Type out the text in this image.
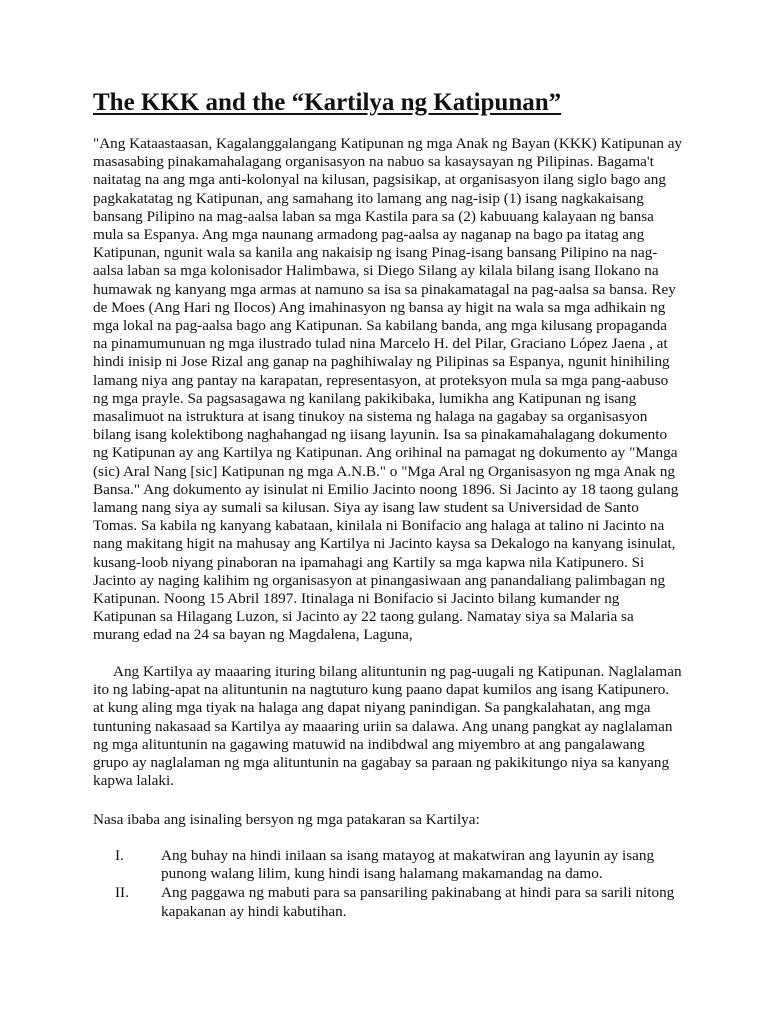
The KKK and the “Kartilya ng Katipunan”

"Ang Kataastaasan, Kagalanggalangang Katipunan ng mga Anak ng Bayan (KKK) Katipunan ay masasabing pinakamahalagang organisasyon na nabuo sa kasaysayan ng Pilipinas. Bagama't naitatag na ang mga anti-kolonyal na kilusan, pagsisikap, at organisasyon ilang siglo bago ang pagkakatatag ng Katipunan, ang samahang ito lamang ang nag-isip (1) isang nagkakaisang bansang Pilipino na mag-aalsa laban sa mga Kastila para sa (2) kabuuang kalayaan ng bansa mula sa Espanya. Ang mga naunang armadong pag-aalsa ay naganap na bago pa itatag ang Katipunan, ngunit wala sa kanila ang nakaisip ng isang Pinag-isang bansang Pilipino na nag-aalsa laban sa mga kolonisador Halimbawa, si Diego Silang ay kilala bilang isang Ilokano na humawak ng kanyang mga armas at namuno sa isa sa pinakamatagal na pag-aalsa sa bansa. Rey de Moes (Ang Hari ng Ilocos) Ang imahinasyon ng bansa ay higit na wala sa mga adhikain ng mga lokal na pag-aalsa bago ang Katipunan. Sa kabilang banda, ang mga kilusang propaganda na pinamumunuan ng mga ilustrado tulad nina Marcelo H. del Pilar, Graciano López Jaena , at hindi inisip ni Jose Rizal ang ganap na paghihiwalay ng Pilipinas sa Espanya, ngunit hinihiling lamang niya ang pantay na karapatan, representasyon, at proteksyon mula sa mga pang-aabuso ng mga prayle. Sa pagsasagawa ng kanilang pakikibaka, lumikha ang Katipunan ng isang masalimuot na istruktura at isang tinukoy na sistema ng halaga na gagabay sa organisasyon bilang isang kolektibong naghahangad ng iisang layunin. Isa sa pinakamahalagang dokumento ng Katipunan ay ang Kartilya ng Katipunan. Ang orihinal na pamagat ng dokumento ay "Manga (sic) Aral Nang [sic] Katipunan ng mga A.N.B." o "Mga Aral ng Organisasyon ng mga Anak ng Bansa." Ang dokumento ay isinulat ni Emilio Jacinto noong 1896. Si Jacinto ay 18 taong gulang lamang nang siya ay sumali sa kilusan. Siya ay isang law student sa Universidad de Santo Tomas. Sa kabila ng kanyang kabataan, kinilala ni Bonifacio ang halaga at talino ni Jacinto na nang makitang higit na mahusay ang Kartilya ni Jacinto kaysa sa Dekalogo na kanyang isinulat, kusang-loob niyang pinaboran na ipamahagi ang Kartily sa mga kapwa nila Katipunero. Si Jacinto ay naging kalihim ng organisasyon at pinangasiwaan ang panandaliang palimbagan ng Katipunan. Noong 15 Abril 1897. Itinalaga ni Bonifacio si Jacinto bilang kumander ng Katipunan sa Hilagang Luzon, si Jacinto ay 22 taong gulang. Namatay siya sa Malaria sa murang edad na 24 sa bayan ng Magdalena, Laguna,

Ang Kartilya ay maaaring ituring bilang alituntunin ng pag-uugali ng Katipunan. Naglalaman ito ng labing-apat na alituntunin na nagtuturo kung paano dapat kumilos ang isang Katipunero. at kung aling mga tiyak na halaga ang dapat niyang panindigan. Sa pangkalahatan, ang mga tuntuning nakasaad sa Kartilya ay maaaring uriin sa dalawa. Ang unang pangkat ay naglalaman ng mga alituntunin na gagawing matuwid na indibdwal ang miyembro at ang pangalawang grupo ay naglalaman ng mga alituntunin na gagabay sa paraan ng pakikitungo niya sa kanyang kapwa lalaki.

Nasa ibaba ang isinaling bersyon ng mga patakaran sa Kartilya:

I. Ang buhay na hindi inilaan sa isang matayog at makatwiran ang layunin ay isang punong walang lilim, kung hindi isang halamang makamandag na damo.
II. Ang paggawa ng mabuti para sa pansariling pakinabang at hindi para sa sarili nitong kapakanan ay hindi kabutihan.
